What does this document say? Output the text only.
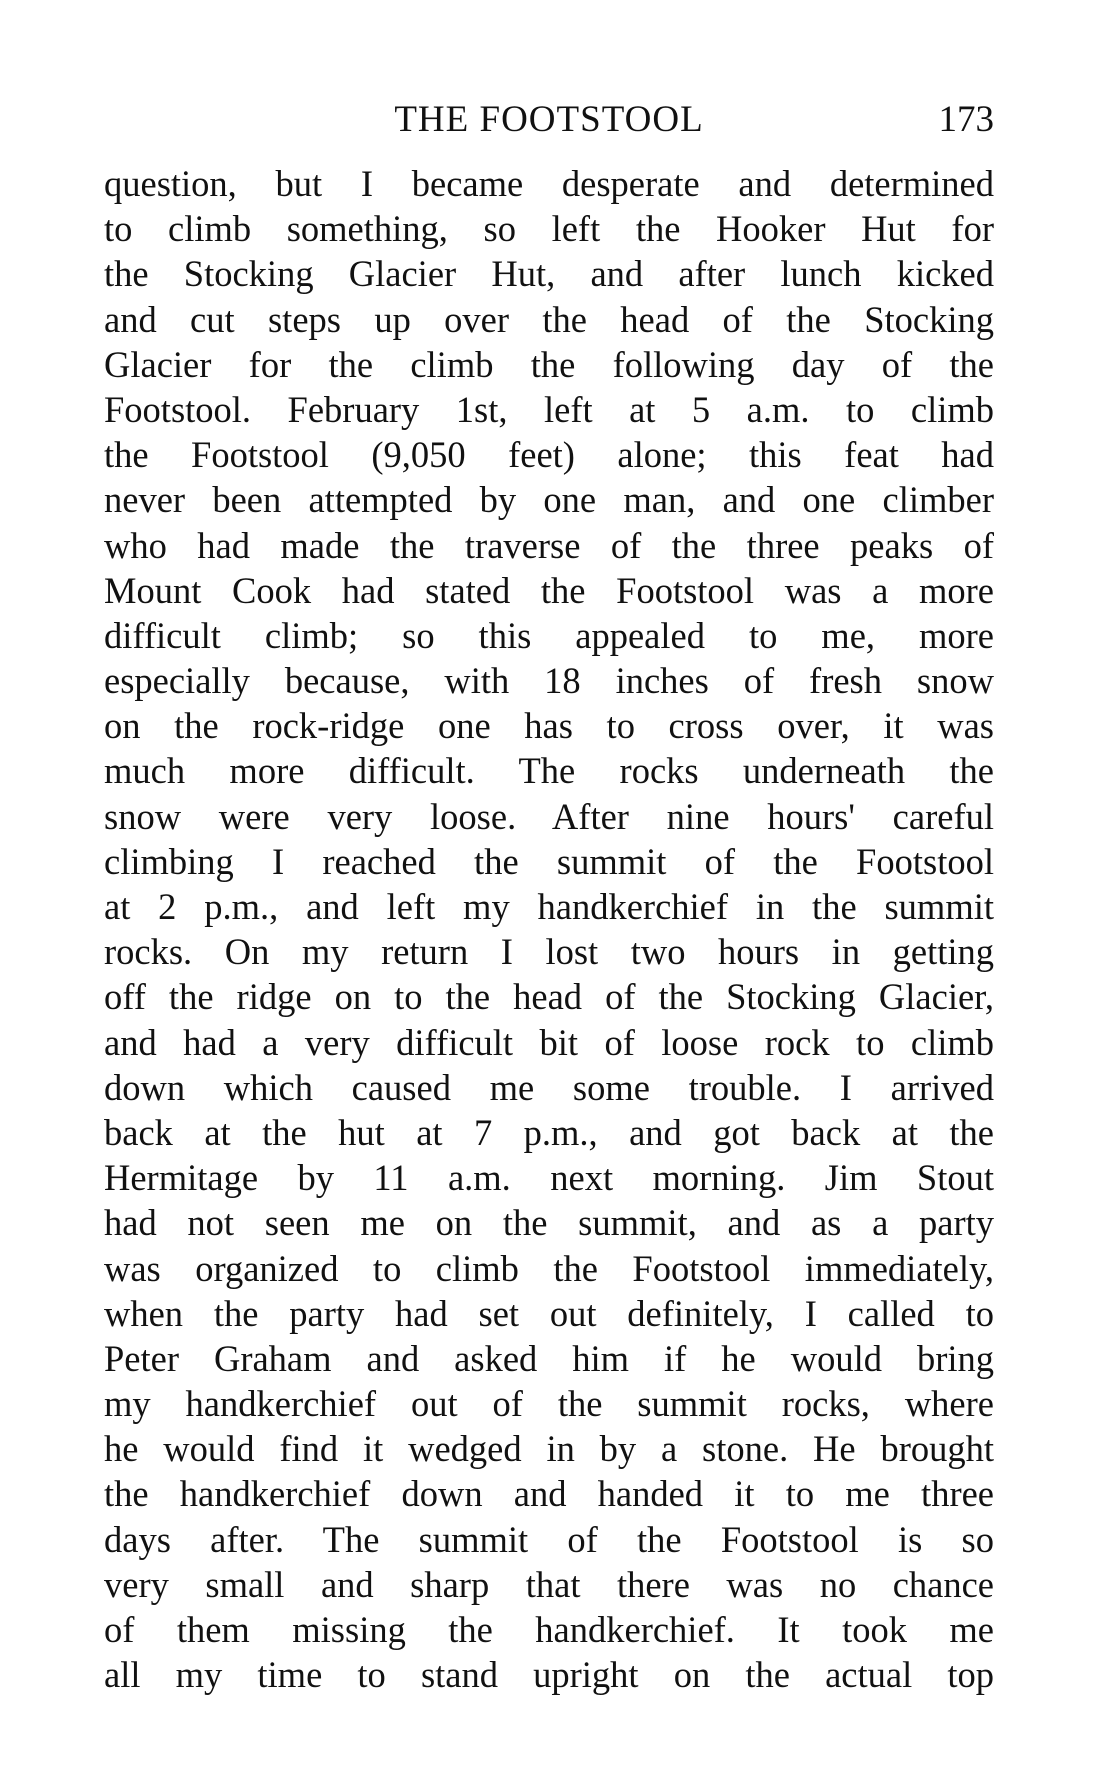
THE FOOTSTOOL	173
question, but I became desperate and determined
to climb something, so left the Hooker Hut for
the Stocking Glacier Hut, and after lunch kicked
and cut steps up over the head of the Stocking
Glacier for the climb the following day of the
Footstool. February 1st, left at 5 a.m. to climb
the Footstool (9,050 feet) alone; this feat had
never been attempted by one man, and one climber
who had made the traverse of the three peaks of
Mount Cook had stated the Footstool was a more
difficult climb; so this appealed to me, more
especially because, with 18 inches of fresh snow
on the rock-ridge one has to cross over, it was
much more difficult. The rocks underneath the
snow were very loose. After nine hours' careful
climbing I reached the summit of the Footstool
at 2 p.m., and left my handkerchief in the summit
rocks. On my return I lost two hours in getting
off the ridge on to the head of the Stocking Glacier,
and had a very difficult bit of loose rock to climb
down which caused me some trouble. I arrived
back at the hut at 7 p.m., and got back at the
Hermitage by 11 a.m. next morning. Jim Stout
had not seen me on the summit, and as a party
was organized to climb the Footstool immediately,
when the party had set out definitely, I called to
Peter Graham and asked him if he would bring
my handkerchief out of the summit rocks, where
he would find it wedged in by a stone. He brought
the handkerchief down and handed it to me three
days after. The summit of the Footstool is so
very small and sharp that there was no chance
of them missing the handkerchief. It took me
all my time to stand upright on the actual top
